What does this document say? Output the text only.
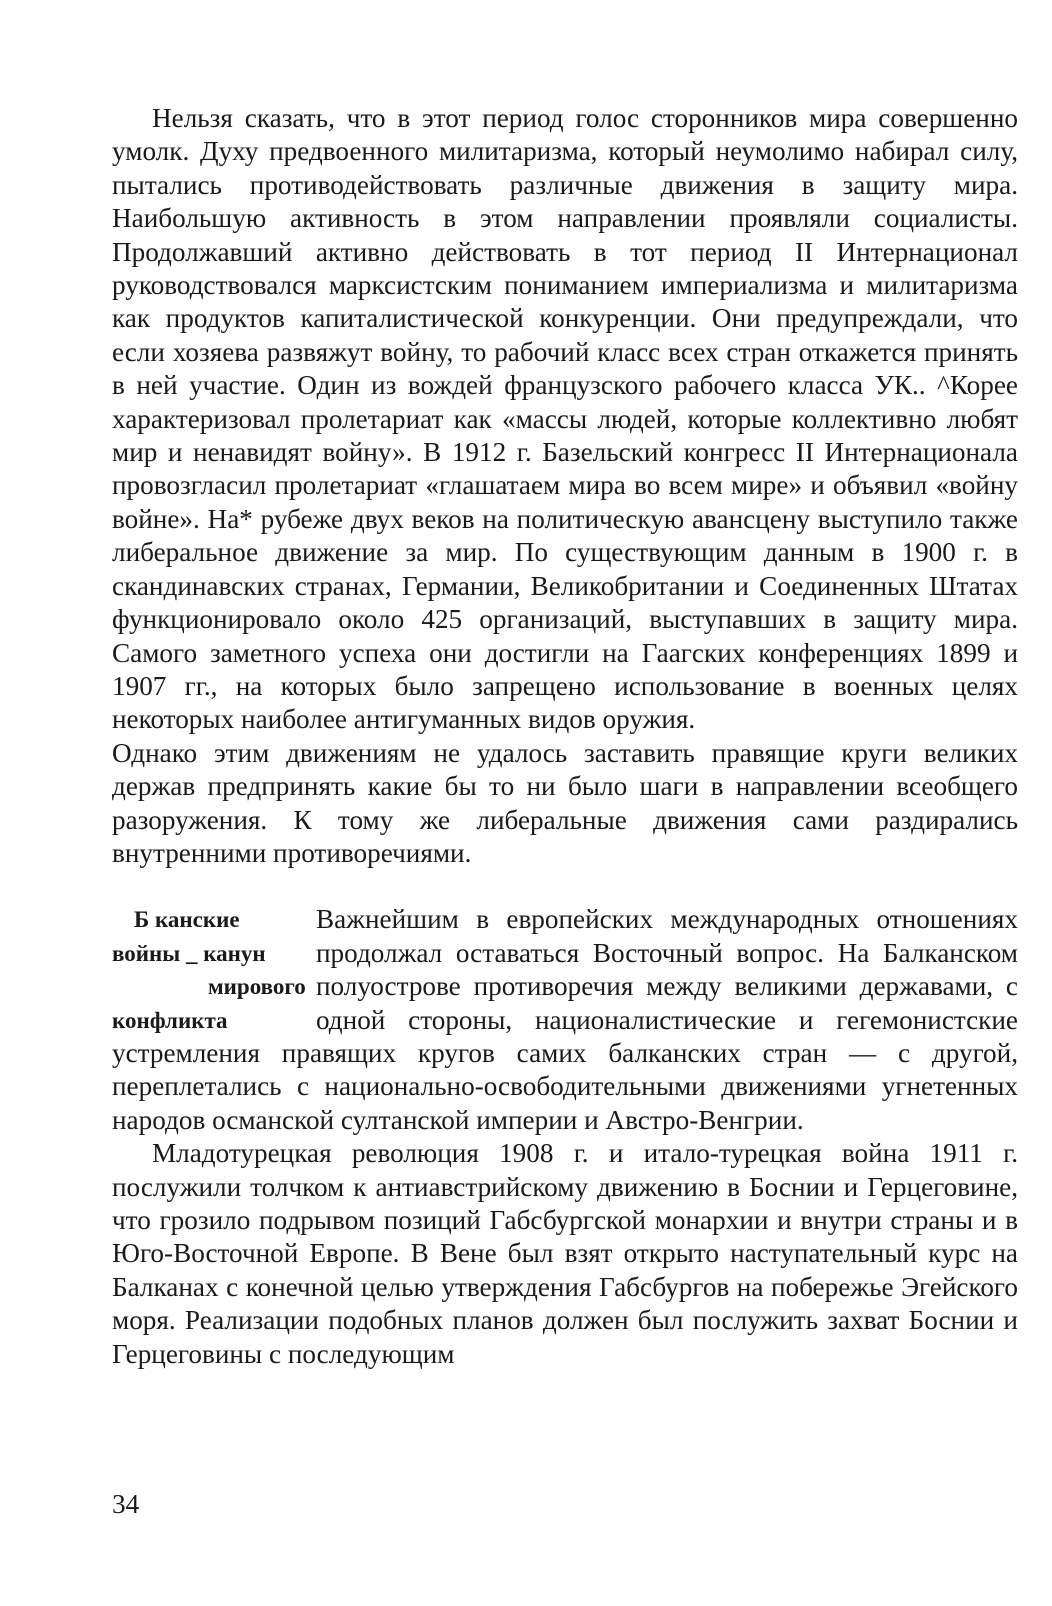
Нельзя сказать, что в этот период голос сторонников мира совершенно умолк. Духу предвоенного милитаризма, который неумолимо набирал силу, пытались противодействовать различные движения в защиту мира. Наибольшую активность в этом направлении проявляли социалисты. Продолжавший активно действовать в тот период II Интернационал руководствовался марксистским пониманием империализма и милитаризма как продуктов капиталистической конкуренции. Они предупреждали, что если хозяева развяжут войну, то рабочий класс всех стран откажется принять в ней участие. Один из вождей французского рабочего класса УК.. ^Корее характеризовал пролетариат как «массы людей, которые коллективно любят мир и ненавидят войну». В 1912 г. Базельский конгресс II Интернационала провозгласил пролетариат «глашатаем мира во всем мире» и объявил «войну войне». На* рубеже двух веков на политическую авансцену выступило также либеральное движение за мир. По существующим данным в 1900 г. в скандинавских странах, Германии, Великобритании и Соединенных Штатах функционировало около 425 организаций, выступавших в защиту мира. Самого заметного успеха они достигли на Гаагских конференциях 1899 и 1907 гг., на которых было запрещено использование в военных целях некоторых наиболее антигуманных видов оружия.

Однако этим движениям не удалось заставить правящие круги великих держав предпринять какие бы то ни было шаги в направлении всеобщего разоружения. К тому же либеральные движения сами раздирались внутренними противоречиями.

Б канские
войны _ канун
мирового
конфликта

Важнейшим в европейских международных отношениях продолжал оставаться Восточный вопрос. На Балканском полуострове противоречия между великими державами, с одной стороны, националистические и гегемонистские устремления правящих кругов самих балканских стран — с другой, переплетались с национально-освободительными движениями угнетенных народов османской султанской империи и Австро-Венгрии.

Младотурецкая революция 1908 г. и итало-турецкая война 1911 г. послужили толчком к антиавстрийскому движению в Боснии и Герцеговине, что грозило подрывом позиций Габсбургской монархии и внутри страны и в Юго-Восточной Европе. В Вене был взят открыто наступательный курс на Балканах с конечной целью утверждения Габсбургов на побережье Эгейского моря. Реализации подобных планов должен был послужить захват Боснии и Герцеговины с последующим

34
